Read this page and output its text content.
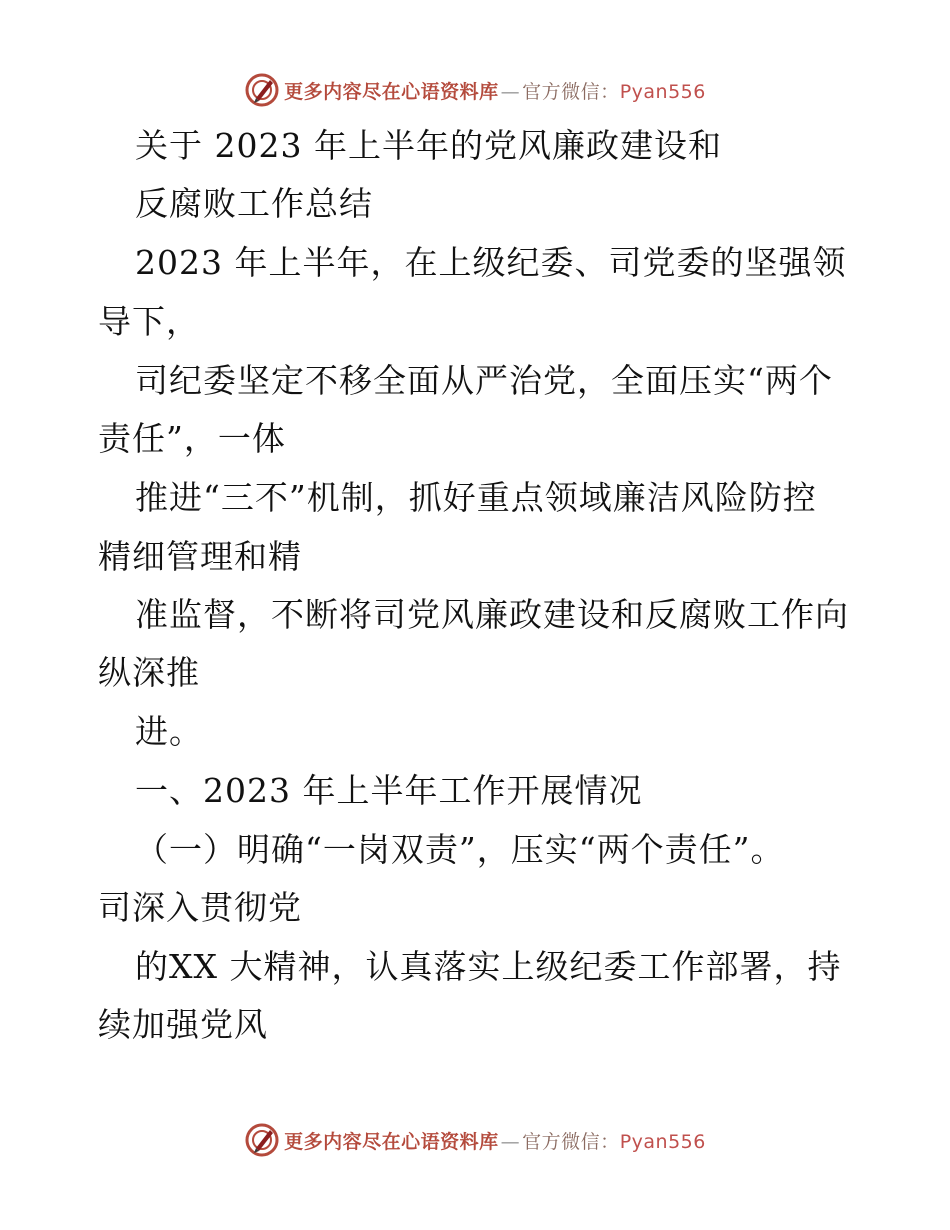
更多内容尽在心语资料库 — 官方微信：Pyan556
关于 2023 年上半年的党风廉政建设和
反腐败工作总结
2023 年上半年，在上级纪委、司党委的坚强领
导下，
司纪委坚定不移全面从严治党，全面压实“两个
责任”，一体
推进“三不”机制，抓好重点领域廉洁风险防控
精细管理和精
准监督，不断将司党风廉政建设和反腐败工作向
纵深推
进。
一、2023 年上半年工作开展情况
（一）明确“一岗双责”，压实“两个责任”。
司深入贯彻党
的XX 大精神，认真落实上级纪委工作部署，持
续加强党风
更多内容尽在心语资料库 — 官方微信：Pyan556
